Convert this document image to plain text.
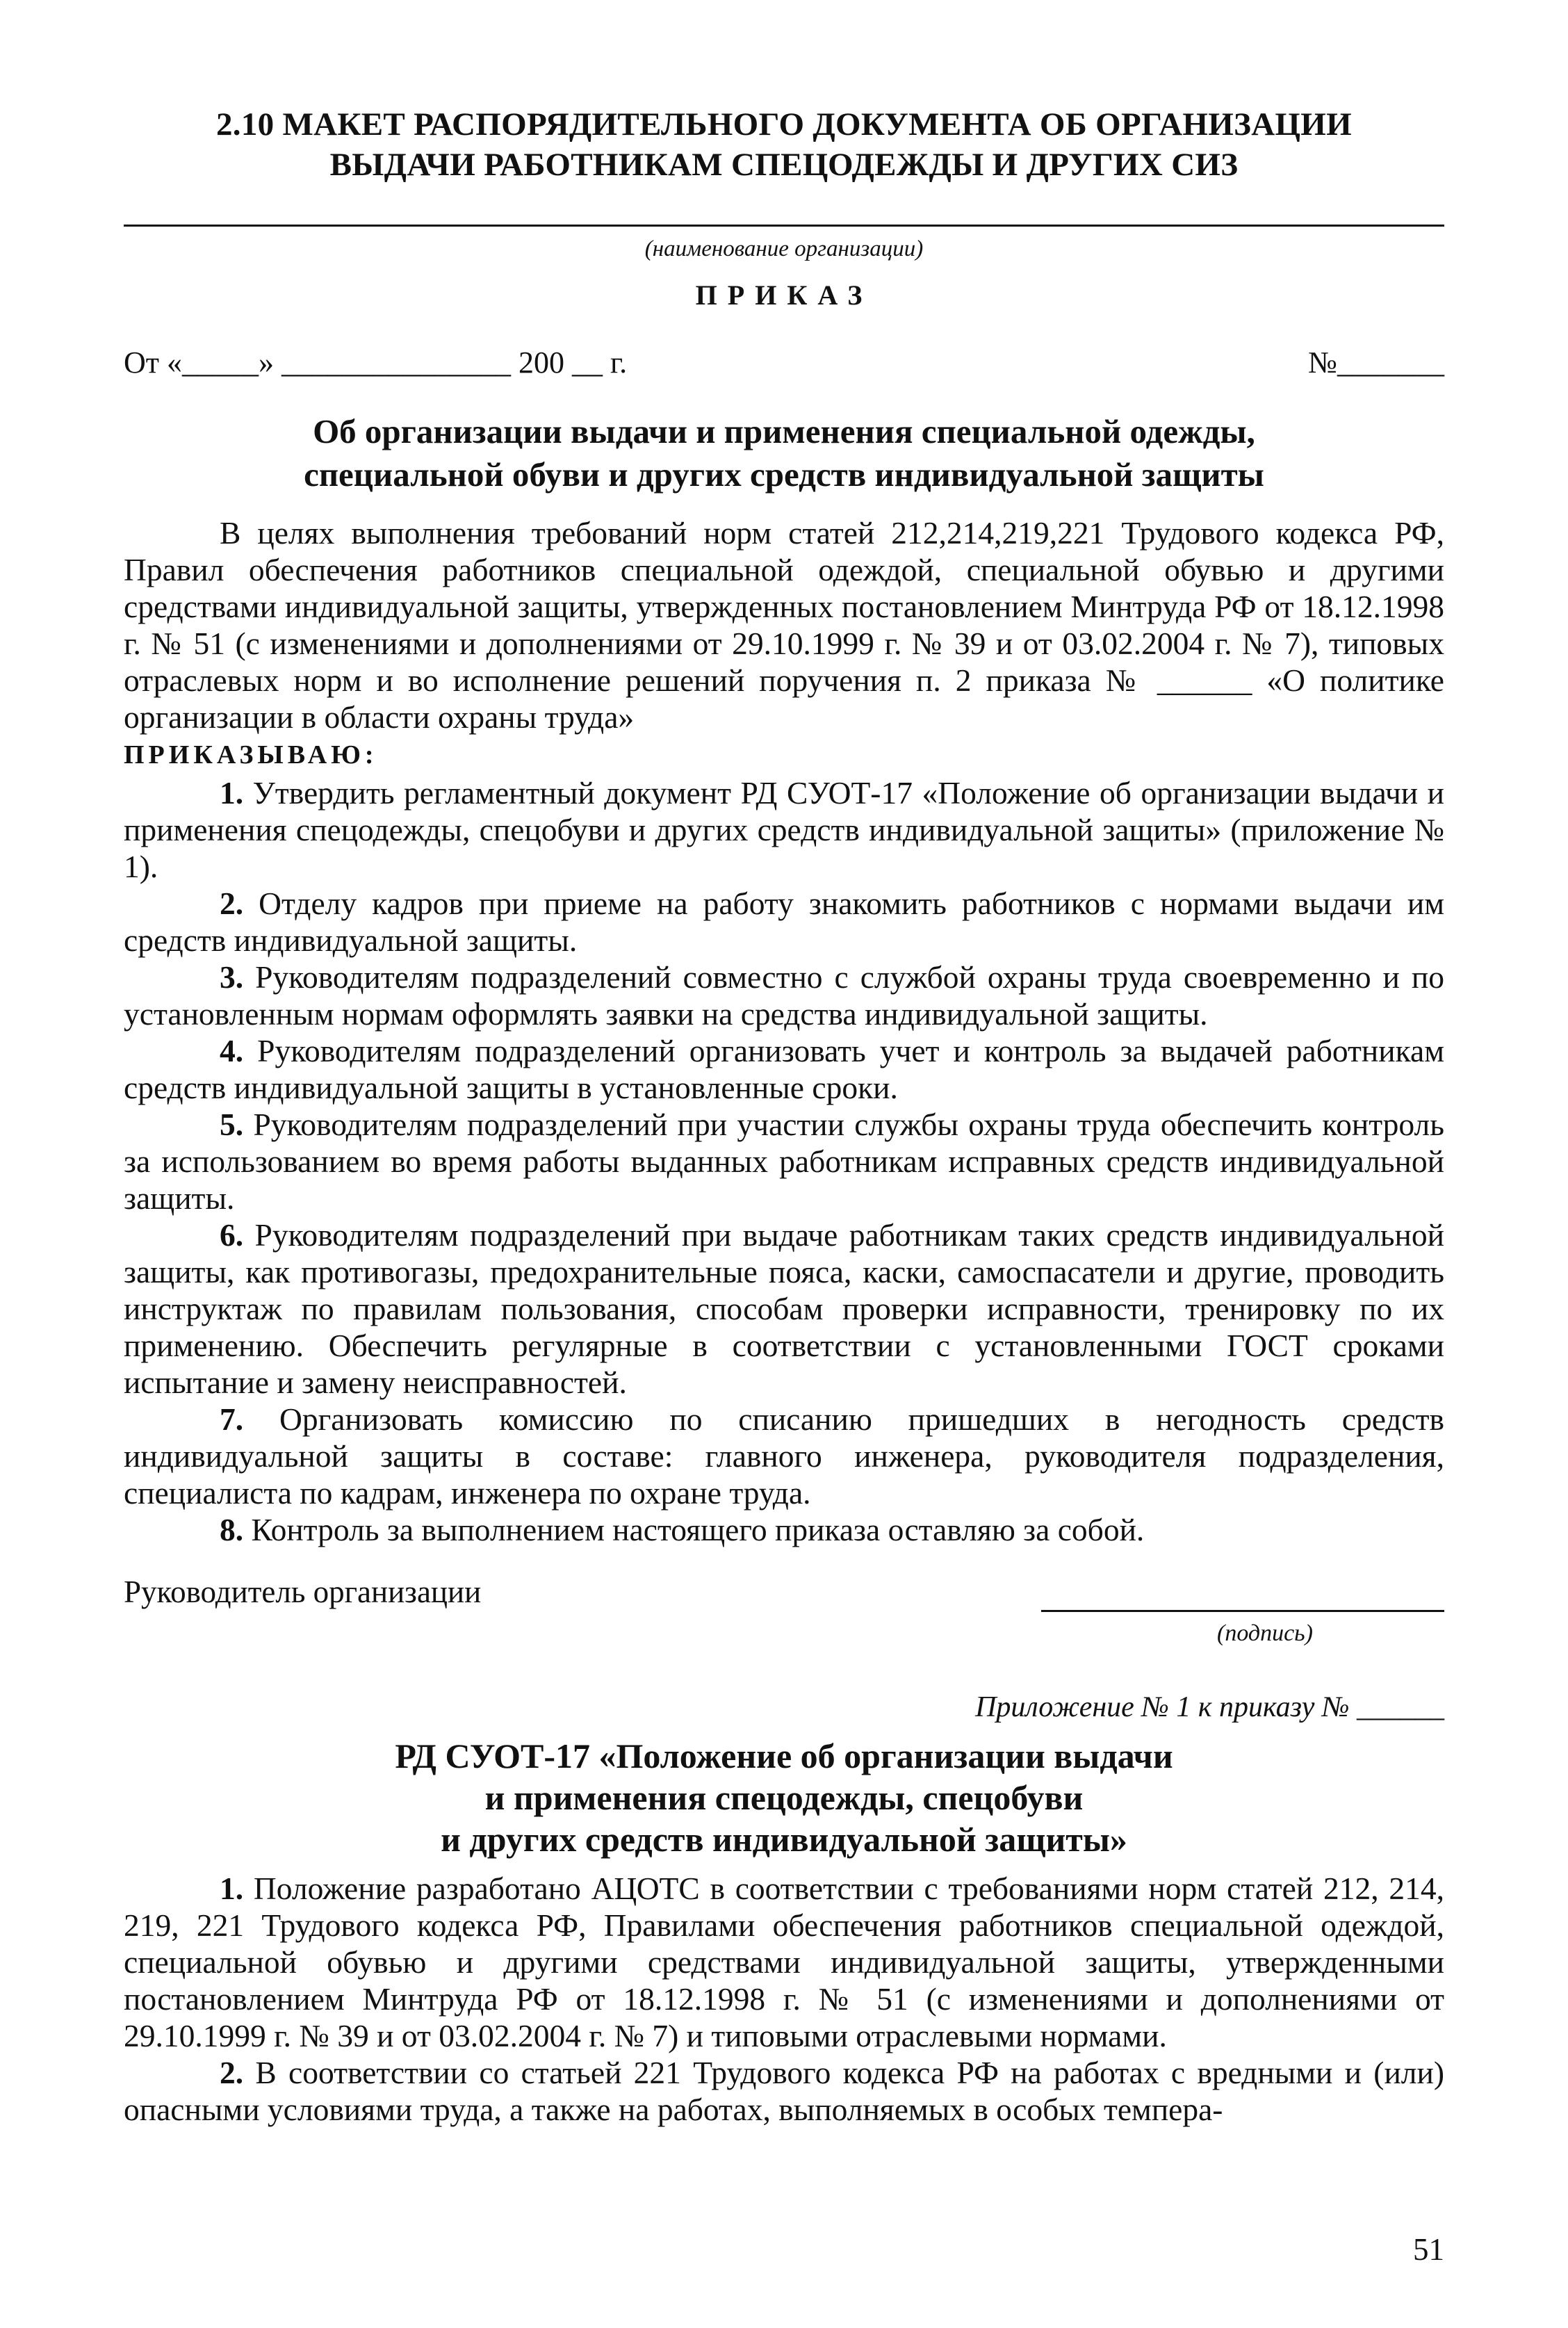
2.10 МАКЕТ РАСПОРЯДИТЕЛЬНОГО ДОКУМЕНТА ОБ ОРГАНИЗАЦИИ
ВЫДАЧИ РАБОТНИКАМ СПЕЦОДЕЖДЫ И ДРУГИХ СИЗ
(наименование организации)
ПРИКАЗ
От «_____» _______________ 200 __ г.	№_______
Об организации выдачи и применения специальной одежды,
специальной обуви и других средств индивидуальной защиты

В целях выполнения требований норм статей 212,214,219,221 Трудового кодекса РФ, Правил обеспечения работников специальной одеждой, специальной обувью и другими средствами индивидуальной защиты, утвержденных постановлением Минтруда РФ от 18.12.1998 г. № 51 (с изменениями и дополнениями от 29.10.1999 г. № 39 и от 03.02.2004 г. № 7), типовых отраслевых норм и во исполнение решений поручения п. 2 приказа № ______ «О политике организации в области охраны труда»

ПРИКАЗЫВАЮ:

1. Утвердить регламентный документ РД СУОТ-17 «Положение об организации выдачи и применения спецодежды, спецобуви и других средств индивидуальной защиты» (приложение № 1).

2. Отделу кадров при приеме на работу знакомить работников с нормами выдачи им средств индивидуальной защиты.

3. Руководителям подразделений совместно с службой охраны труда своевременно и по установленным нормам оформлять заявки на средства индивидуальной защиты.

4. Руководителям подразделений организовать учет и контроль за выдачей работникам средств индивидуальной защиты в установленные сроки.

5. Руководителям подразделений при участии службы охраны труда обеспечить контроль за использованием во время работы выданных работникам исправных средств индивидуальной защиты.

6. Руководителям подразделений при выдаче работникам таких средств индивидуальной защиты, как противогазы, предохранительные пояса, каски, самоспасатели и другие, проводить инструктаж по правилам пользования, способам проверки исправности, тренировку по их применению. Обеспечить регулярные в соответствии с установленными ГОСТ сроками испытание и замену неисправностей.

7. Организовать комиссию по списанию пришедших в негодность средств индивидуальной защиты в составе: главного инженера, руководителя подразделения, специалиста по кадрам, инженера по охране труда.

8. Контроль за выполнением настоящего приказа оставляю за собой.

Руководитель организации
(подпись)
Приложение № 1 к приказу № ______
РД СУОТ-17 «Положение об организации выдачи
и применения спецодежды, спецобуви
и других средств индивидуальной защиты»

1. Положение разработано АЦОТС в соответствии с требованиями норм статей 212, 214, 219, 221 Трудового кодекса РФ, Правилами обеспечения работников специальной одеждой, специальной обувью и другими средствами индивидуальной защиты, утвержденными постановлением Минтруда РФ от 18.12.1998 г. № 51 (с изменениями и дополнениями от 29.10.1999 г. № 39 и от 03.02.2004 г. № 7) и типовыми отраслевыми нормами.

2. В соответствии со статьей 221 Трудового кодекса РФ на работах с вредными и (или) опасными условиями труда, а также на работах, выполняемых в особых темпера-

51
